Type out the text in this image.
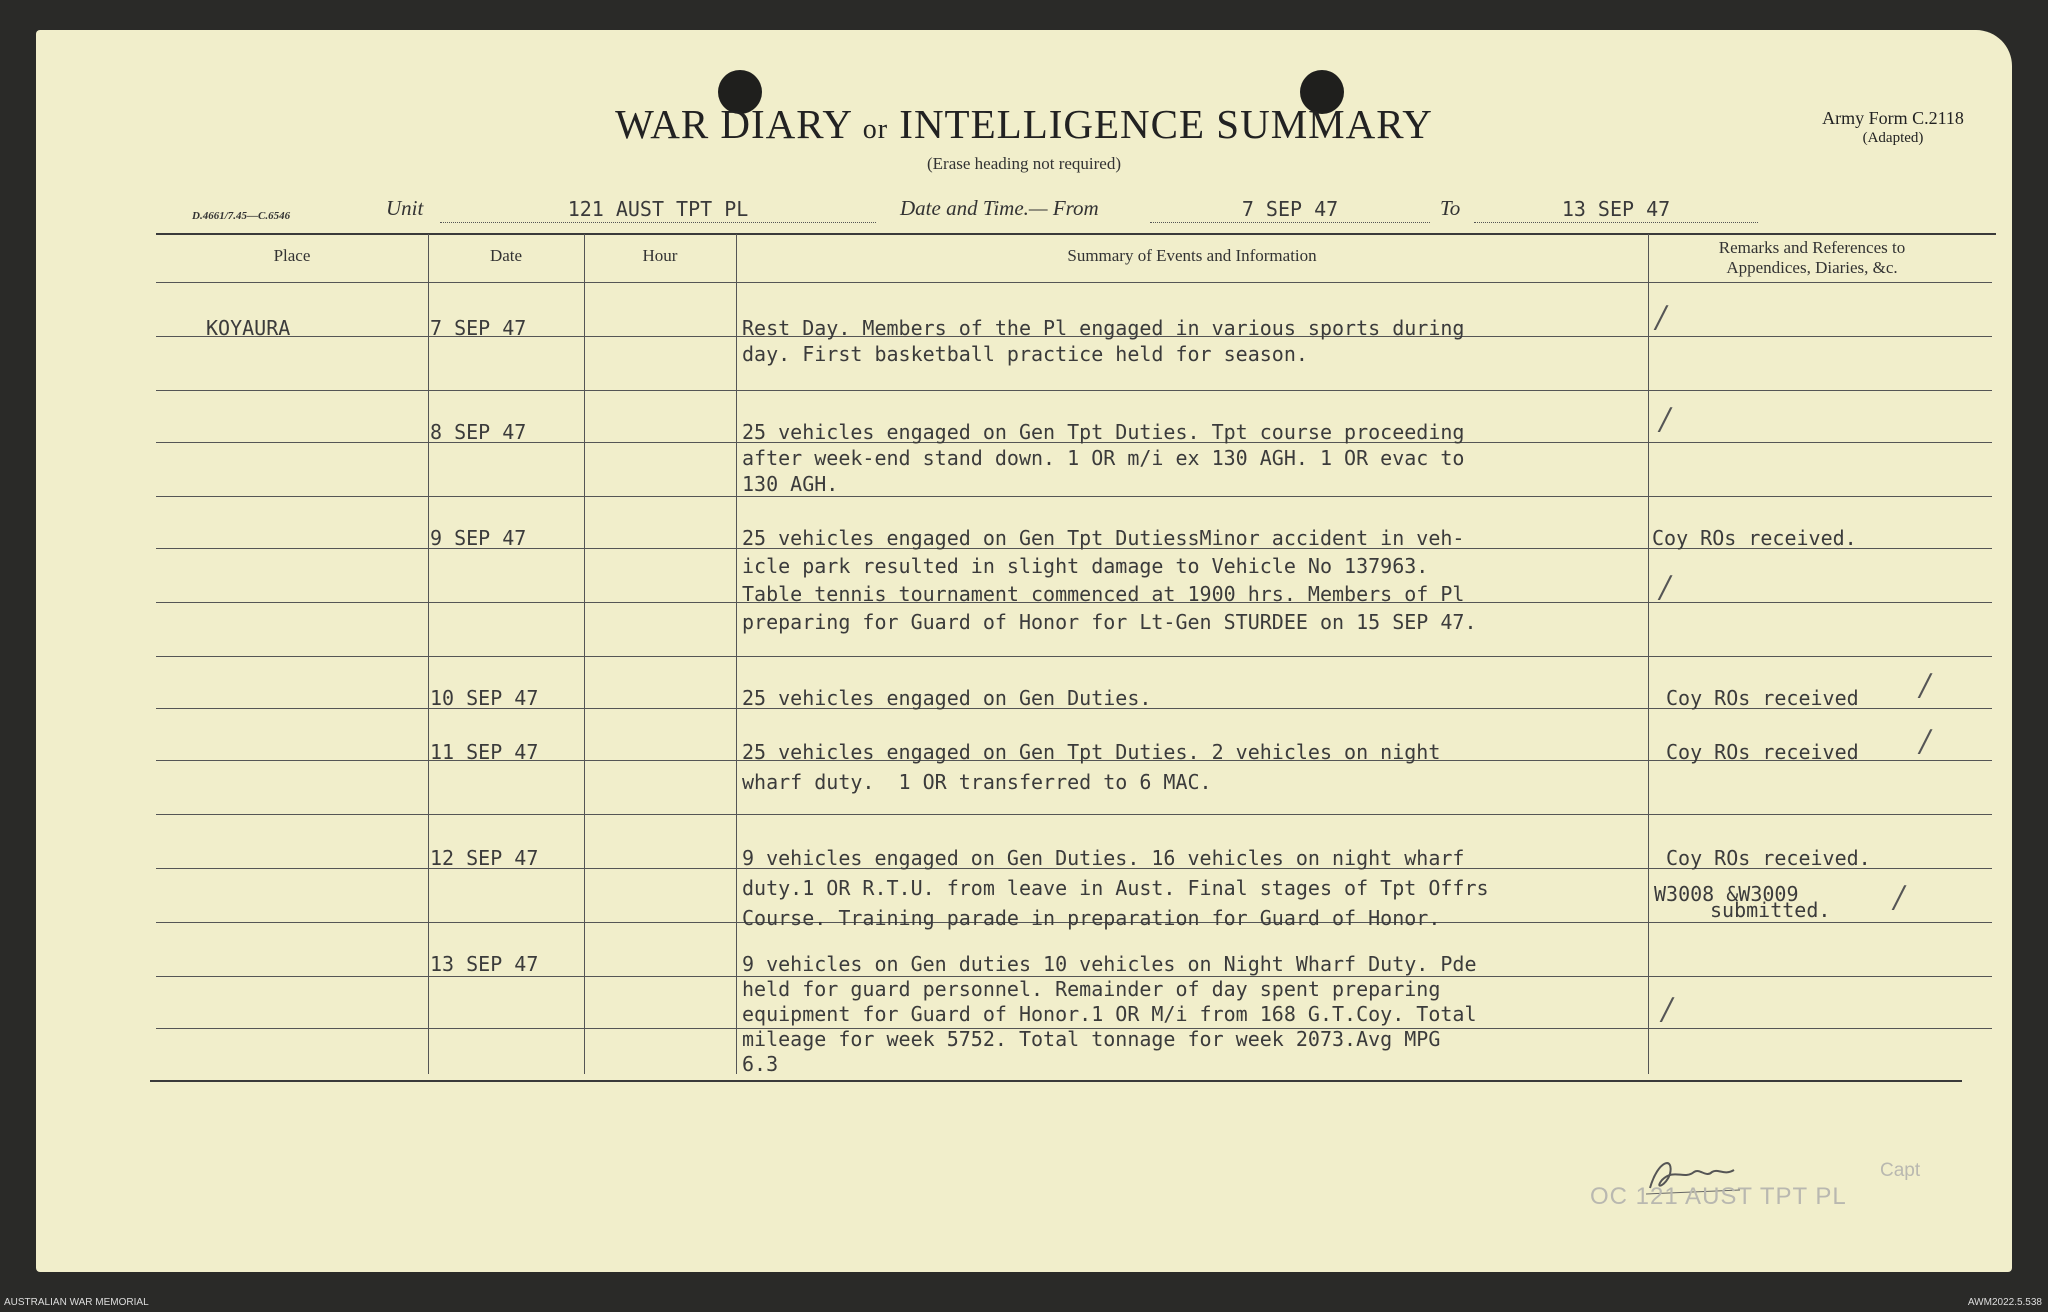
WAR DIARY or INTELLIGENCE SUMMARY
(Erase heading not required)
Army Form C.2118
(Adapted)
D.4661/7.45—C.6546	Unit	121 AUST TPT PL	Date and Time.— From	7 SEP 47	To	13 SEP 47
Place	Date	Hour	Summary of Events and Information	Remarks and References to
Appendices, Diaries, &c.
KOYAURA	7 SEP 47	Rest Day. Members of the Pl engaged in various sports during
day. First basketball practice held for season.
/
8 SEP 47	25 vehicles engaged on Gen Tpt Duties. Tpt course proceeding
after week-end stand down. 1 OR m/i ex 130 AGH. 1 OR evac to
130 AGH.
/
9 SEP 47	25 vehicles engaged on Gen Tpt DutiessMinor accident in veh-
icle park resulted in slight damage to Vehicle No 137963.
Table tennis tournament commenced at 1900 hrs. Members of Pl
preparing for Guard of Honor for Lt-Gen STURDEE on 15 SEP 47.
Coy ROs received.
/
10 SEP 47	25 vehicles engaged on Gen Duties.	Coy ROs received /
11 SEP 47	25 vehicles engaged on Gen Tpt Duties. 2 vehicles on night
wharf duty.  1 OR transferred to 6 MAC.
Coy ROs received /
12 SEP 47	9 vehicles engaged on Gen Duties. 16 vehicles on night wharf
duty.1 OR R.T.U. from leave in Aust. Final stages of Tpt Offrs
Course. Training parade in preparation for Guard of Honor.
Coy ROs received.
W3008 &W3009
submitted. /
13 SEP 47	9 vehicles on Gen duties 10 vehicles on Night Wharf Duty. Pde
held for guard personnel. Remainder of day spent preparing
equipment for Guard of Honor.1 OR M/i from 168 G.T.Coy. Total
mileage for week 5752. Total tonnage for week 2073.Avg MPG
6.3
/
Capt
OC 121 AUST TPT PL
AUSTRALIAN WAR MEMORIAL	AWM2022.5.538
